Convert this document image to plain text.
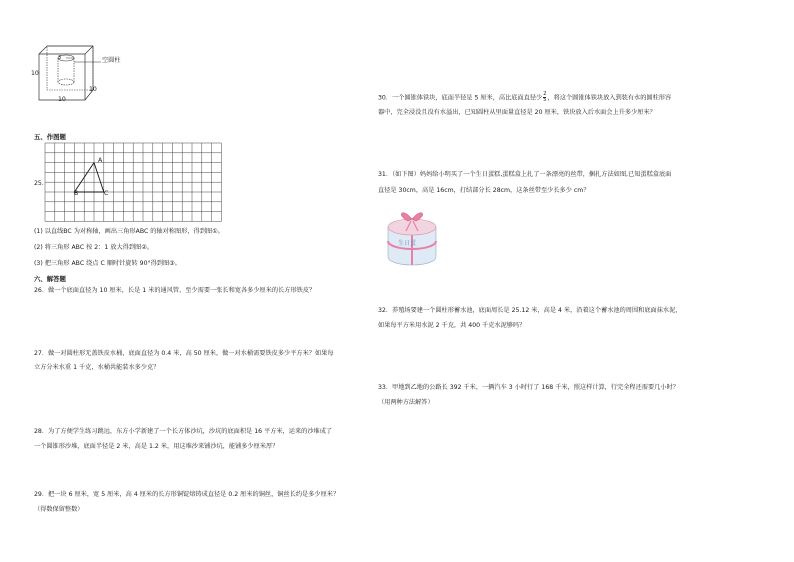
3	空圆柱
10
10
10
五、作图题
25．
A
B	C
(1) 以直线BC 为对称轴，画出三角形ABC 的轴对称图形，得到图①。
(2) 将三角形 ABC 按 2：1 放大得到图②。
(3) 把三角形 ABC 绕点 C 顺时针旋转 90°得到图③。
六、解答题
26．做一个底面直径为 10 厘米，长是 1 米的通风管，至少需要一张长和宽各多少厘米的长方形铁皮？
27．做一对圆柱形无盖铁皮水桶，底面直径为 0.4 米，高 50 厘米，做一对水桶需要铁皮多少平方米？如果每
立方分米水重 1 千克，水桶共能装水多少克？
28．为了方便学生练习跳远，东方小学新建了一个长方体沙坑，沙坑的底面积是 16 平方米，运来的沙堆成了
一个圆锥形沙堆，底面半径是 2 米，高是 1.2 米，用这堆沙来铺沙坑，能铺多少厘米厚？
29．把一块 6 厘米，宽 5 厘米，高 4 厘米的长方形铜锭熔铸成直径是 0.2 厘米的铜丝，铜丝长约是多少厘米？
（得数保留整数）
30．一个圆锥体铁块，底面半径是 5 厘米，高比底面直径少 $\frac{2}{5}$ ，将这个圆锥体铁块放入到装有水的圆柱形容
器中，完全浸没且没有水溢出，已知圆柱从里面量直径是 20 厘米，铁块放入后水面会上升多少厘米？
31．（如下图）妈妈给小明买了一个生日蛋糕,蛋糕盒上扎了一条漂亮的丝带，捆扎方法如图,已知蛋糕盒底面
直径是 30cm，高是 16cm，打结部分长 28cm，这条丝带至少长多少 cm？
生日蛋
32．养殖场要建一个圆柱形蓄水池，底面周长是 25.12 米，高是 4 米，沿着这个蓄水池的周围和底面抹水泥，
如果每平方米用水泥 2 千克，共 400 千克水泥够吗？
33．甲地到乙地的公路长 392 千米，一辆汽车 3 小时行了 168 千米，照这样计算，行完全程还需要几小时？
（用两种方法解答）
